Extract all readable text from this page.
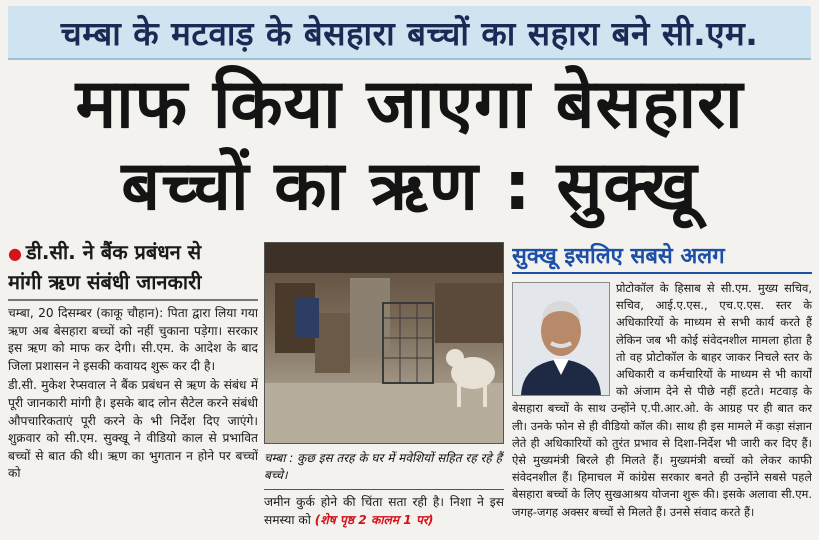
चम्बा के मटवाड़ के बेसहारा बच्चों का सहारा बने सी.एम.
माफ किया जाएगा बेसहारा
बच्चों का ऋण : सुक्खू
● डी.सी. ने बैंक प्रबंधन से
मांगी ऋण संबंधी जानकारी

चम्बा, 20 दिसम्बर (काकू चौहान): पिता द्वारा लिया गया ऋण अब बेसहारा बच्चों को नहीं चुकाना पड़ेगा। सरकार इस ऋण को माफ कर देगी। सी.एम. के आदेश के बाद जिला प्रशासन ने इसकी कवायद शुरू कर दी है।

डी.सी. मुकेश रेप्सवाल ने बैंक प्रबंधन से ऋण के संबंध में पूरी जानकारी मांगी है। इसके बाद लोन सैटेल करने संबंधी औपचारिकताएं पूरी करने के भी निर्देश दिए जाएंगे। शुक्रवार को सी.एम. सुक्खू ने वीडियो काल से प्रभावित बच्चों से बात की थी। ऋण का भुगतान न होने पर बच्चों को

चम्बा : कुछ इस तरह के घर में मवेशियों सहित रह रहे हैं बच्चे।

जमीन कुर्क होने की चिंता सता रही है। निशा ने इस समस्या को (शेष पृष्ठ 2 कालम 1 पर)

सुक्खू इसलिए सबसे अलग
प्रोटोकॉल के हिसाब से सी.एम. मुख्य सचिव, सचिव, आई.ए.एस., एच.ए.एस. स्तर के अधिकारियों के माध्यम से सभी कार्य करते हैं लेकिन जब भी कोई संवेदनशील मामला होता है तो वह प्रोटोकॉल के बाहर जाकर निचले स्तर के अधिकारी व कर्मचारियों के माध्यम से भी कार्यों को अंजाम देने से पीछे नहीं हटते। मटवाड़ के बेसहारा बच्चों के साथ उन्होंने ए.पी.आर.ओ. के आग्रह पर ही बात कर ली। उनके फोन से ही वीडियो कॉल की। साथ ही इस मामले में कड़ा संज्ञान लेते ही अधिकारियों को तुरंत प्रभाव से दिशा-निर्देश भी जारी कर दिए हैं। ऐसे मुख्यमंत्री बिरले ही मिलते हैं। मुख्यमंत्री बच्चों को लेकर काफी संवेदनशील हैं। हिमाचल में कांग्रेस सरकार बनते ही उन्होंने सबसे पहले बेसहारा बच्चों के लिए सुखआश्रय योजना शुरू की। इसके अलावा सी.एम. जगह-जगह अक्सर बच्चों से मिलते हैं। उनसे संवाद करते हैं।
